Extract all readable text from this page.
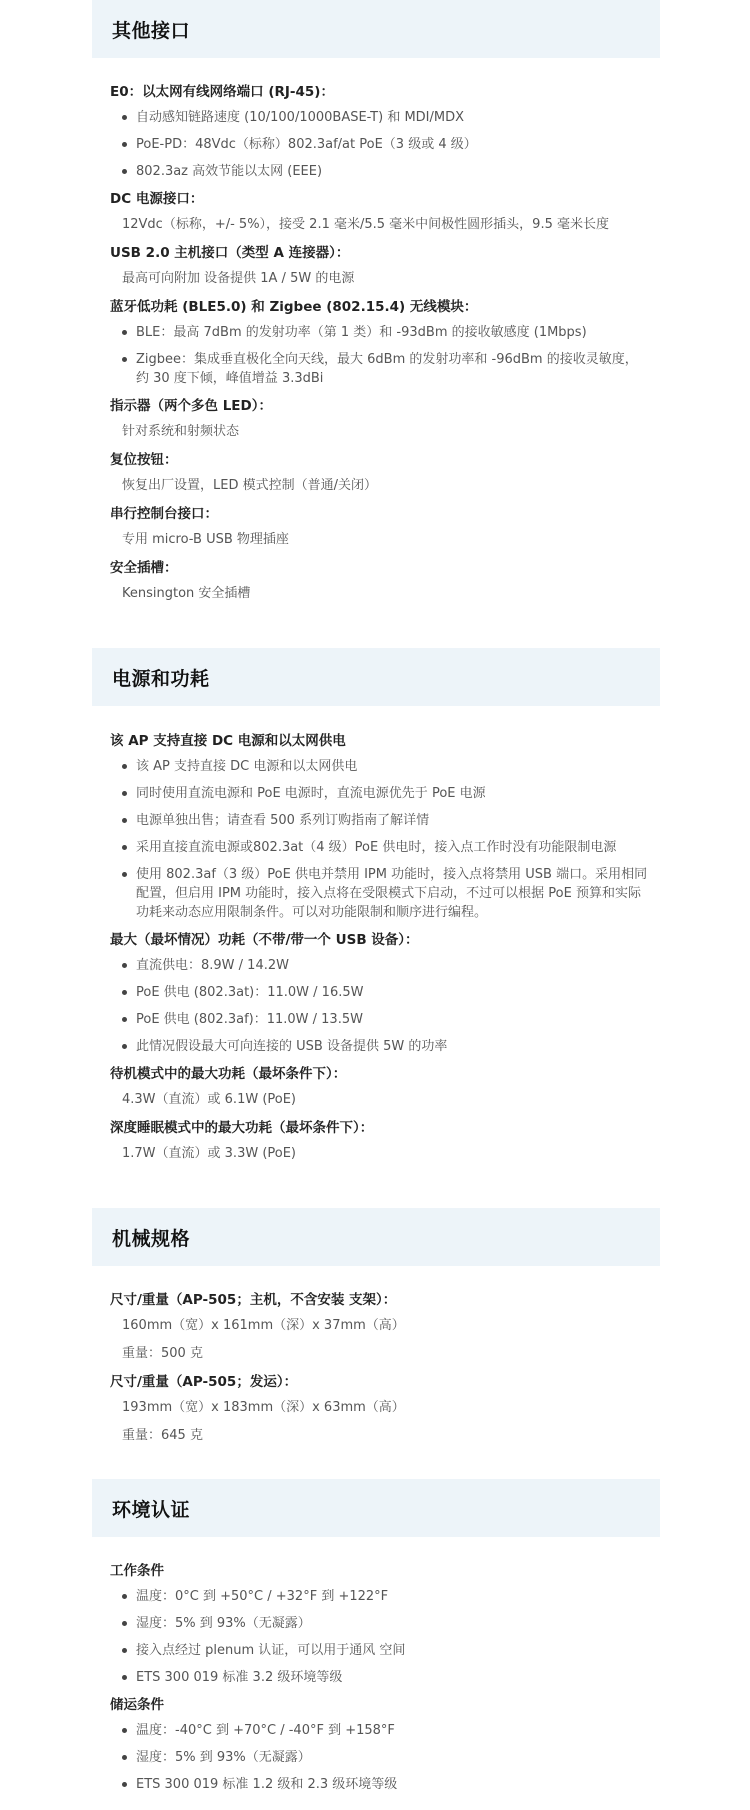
其他接口
E0：以太网有线网络端口 (RJ-45)：
自动感知链路速度 (10/100/1000BASE-T) 和 MDI/MDX
PoE-PD：48Vdc（标称）802.3af/at PoE（3 级或 4 级）
802.3az 高效节能以太网 (EEE)
DC 电源接口：
12Vdc（标称，+/- 5%），接受 2.1 毫米/5.5 毫米中间极性圆形插头，9.5 毫米长度
USB 2.0 主机接口（类型 A 连接器）：
最高可向附加 设备提供 1A / 5W 的电源
蓝牙低功耗 (BLE5.0) 和 Zigbee (802.15.4) 无线模块：
BLE：最高 7dBm 的发射功率（第 1 类）和 -93dBm 的接收敏感度 (1Mbps)
Zigbee：集成垂直极化全向天线，最大 6dBm 的发射功率和 -96dBm 的接收灵敏度，约 30 度下倾，峰值增益 3.3dBi
指示器（两个多色 LED）：
针对系统和射频状态
复位按钮：
恢复出厂设置，LED 模式控制（普通/关闭）
串行控制台接口：
专用 micro-B USB 物理插座
安全插槽：
Kensington 安全插槽
电源和功耗
该 AP 支持直接 DC 电源和以太网供电
该 AP 支持直接 DC 电源和以太网供电
同时使用直流电源和 PoE 电源时，直流电源优先于 PoE 电源
电源单独出售；请查看 500 系列订购指南了解详情
采用直接直流电源或802.3at（4 级）PoE 供电时，接入点工作时没有功能限制电源
使用 802.3af（3 级）PoE 供电并禁用 IPM 功能时，接入点将禁用 USB 端口。采用相同配置，但启用 IPM 功能时，接入点将在受限模式下启动，不过可以根据 PoE 预算和实际功耗来动态应用限制条件。可以对功能限制和顺序进行编程。
最大（最坏情况）功耗（不带/带一个 USB 设备）：
直流供电：8.9W / 14.2W
PoE 供电 (802.3at)：11.0W / 16.5W
PoE 供电 (802.3af)：11.0W / 13.5W
此情况假设最大可向连接的 USB 设备提供 5W 的功率
待机模式中的最大功耗（最坏条件下）：
4.3W（直流）或 6.1W (PoE)
深度睡眠模式中的最大功耗（最坏条件下）：
1.7W（直流）或 3.3W (PoE)
机械规格
尺寸/重量（AP-505；主机，不含安装 支架）：
160mm（宽）x 161mm（深）x 37mm（高）
重量：500 克
尺寸/重量（AP-505；发运）：
193mm（宽）x 183mm（深）x 63mm（高）
重量：645 克
环境认证
工作条件
温度：0°C 到 +50°C / +32°F 到 +122°F
湿度：5% 到 93%（无凝露）
接入点经过 plenum 认证，可以用于通风 空间
ETS 300 019 标准 3.2 级环境等级
储运条件
温度：-40°C 到 +70°C / -40°F 到 +158°F
湿度：5% 到 93%（无凝露）
ETS 300 019 标准 1.2 级和 2.3 级环境等级
